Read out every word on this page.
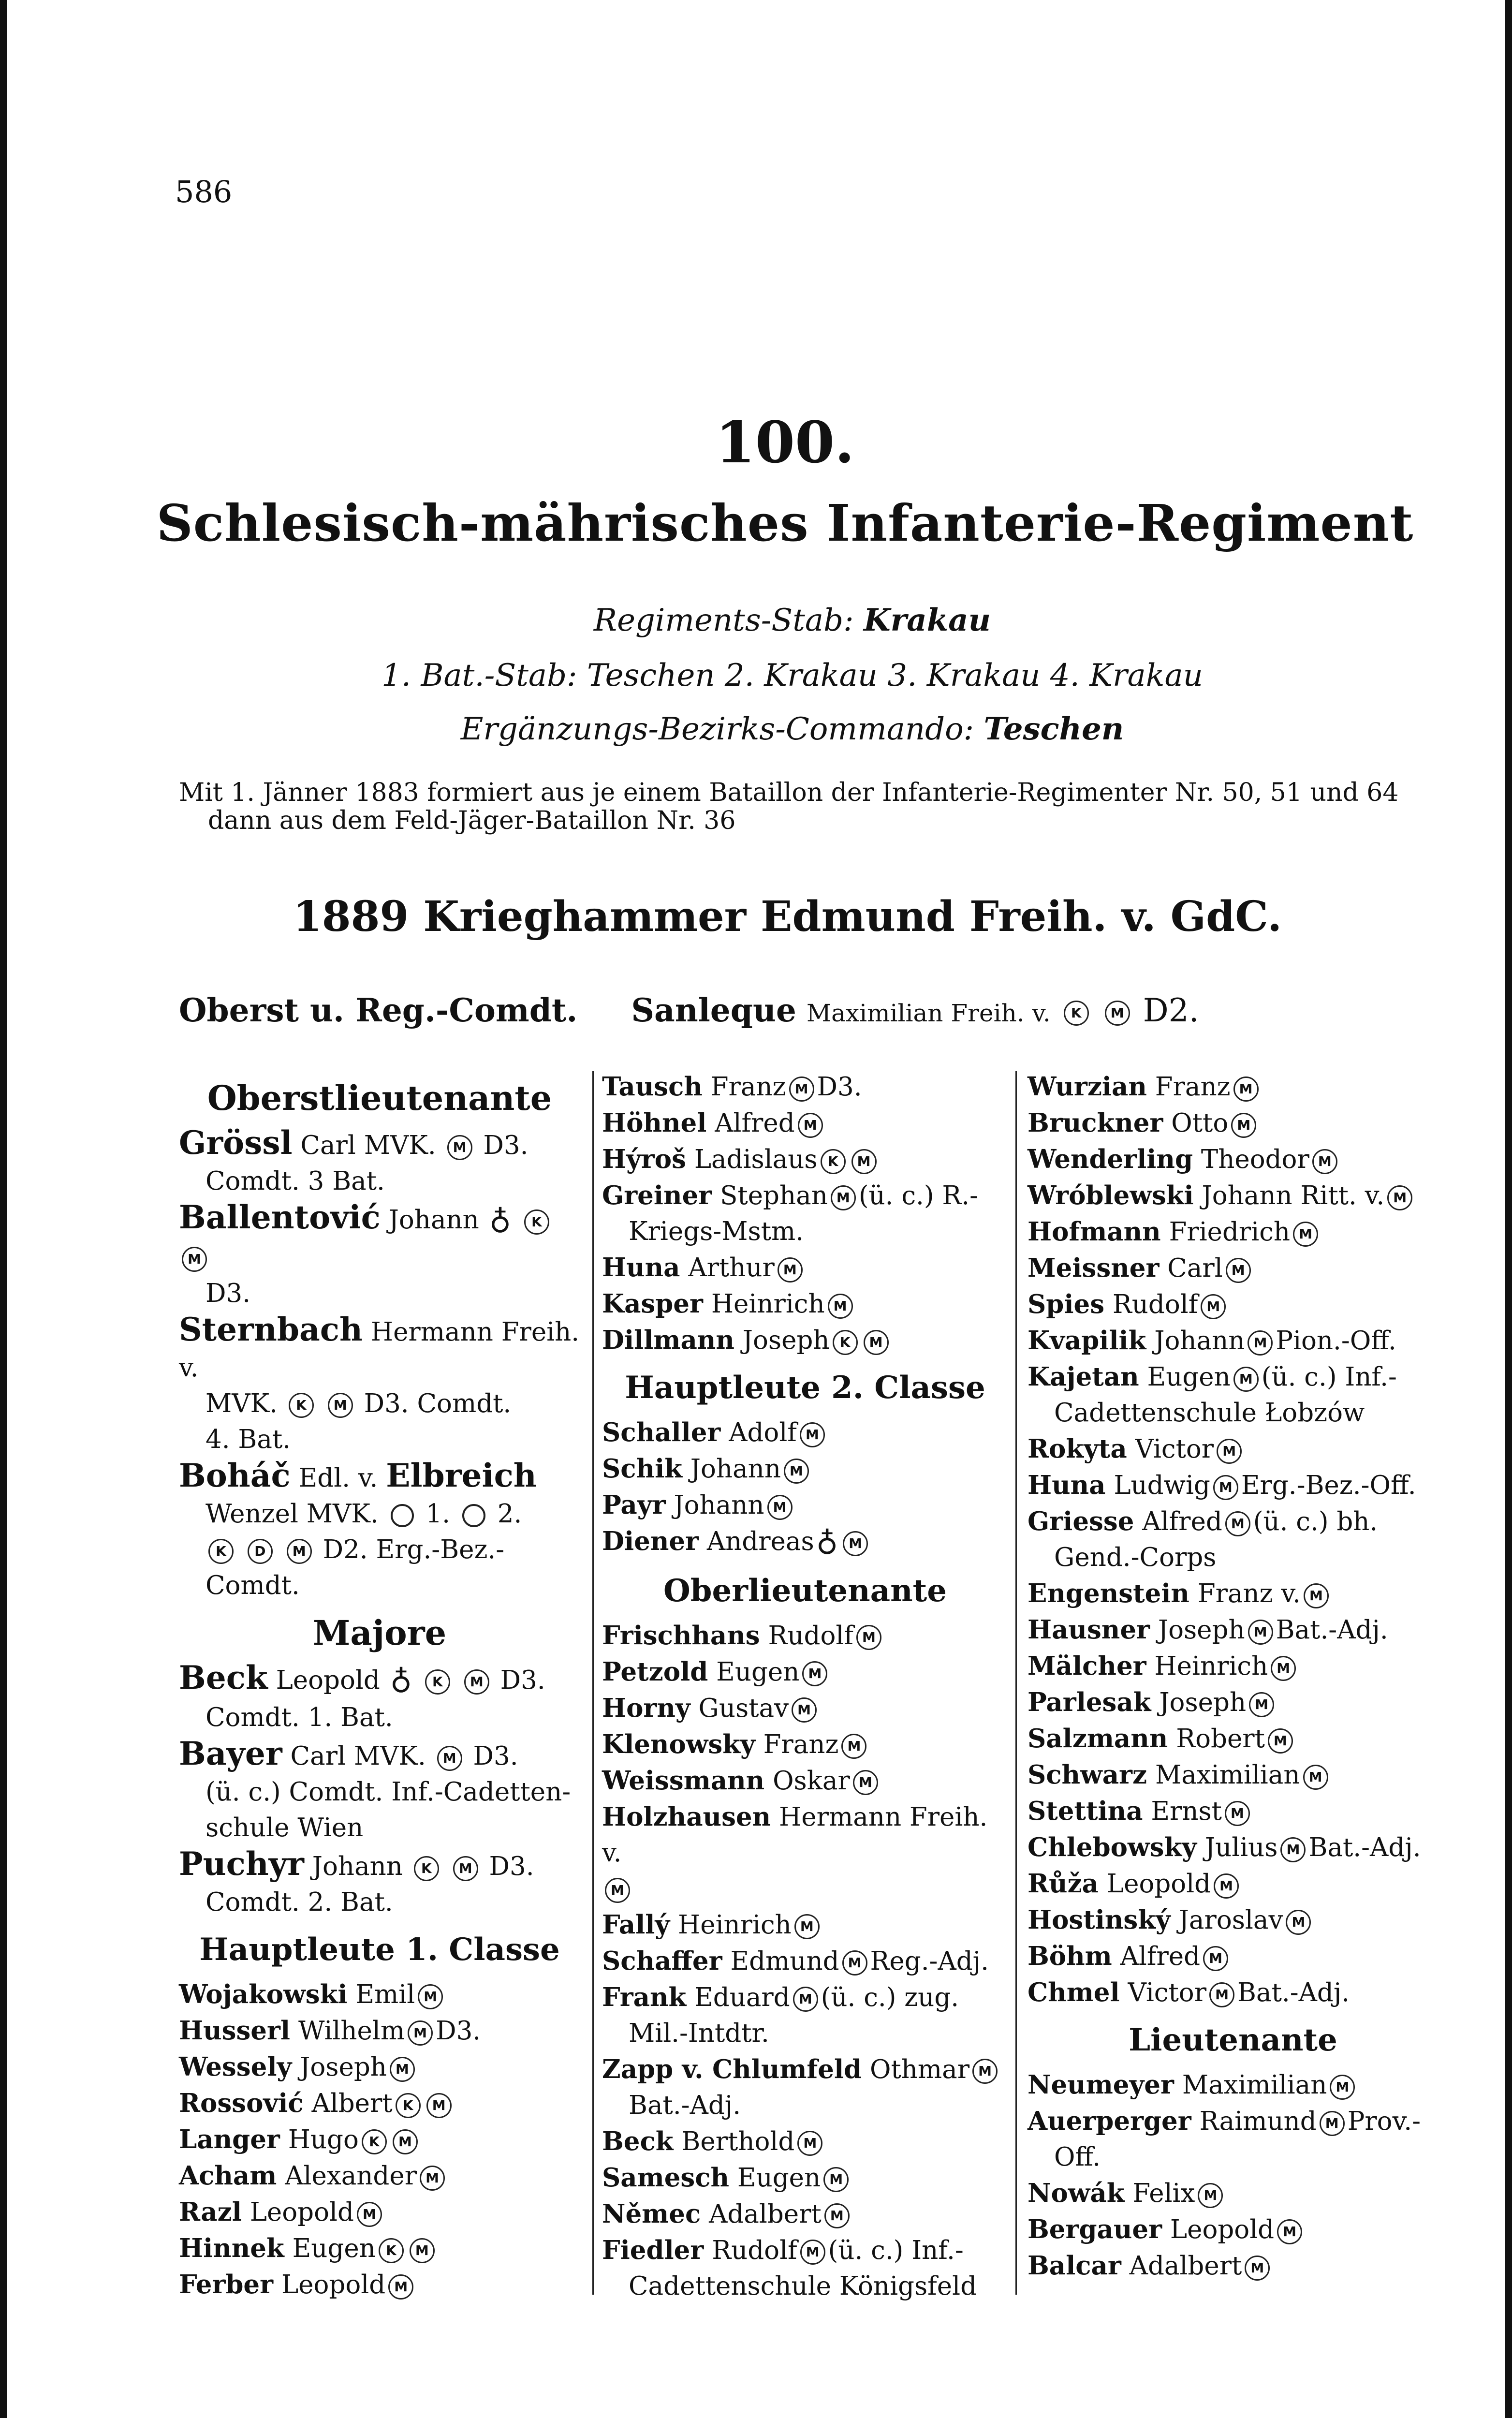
586
100.
Schlesisch-mährisches Infanterie-Regiment
Regiments-Stab: Krakau
1. Bat.-Stab: Teschen 2. Krakau 3. Krakau 4. Krakau
Ergänzungs-Bezirks-Commando: Teschen
Mit 1. Jänner 1883 formiert aus je einem Bataillon der Infanterie-Regimenter Nr. 50, 51 und 64
dann aus dem Feld-Jäger-Bataillon Nr. 36
1889 Krieghammer Edmund Freih. v. GdC.
Oberst u. Reg.-Comdt. Sanleque Maximilian Freih. v. K M D2.
Oberstlieutenante
Grössl Carl MVK. M D3.
Comdt. 3 Bat.
Ballentović Johann ♁ K M
D3.
Sternbach Hermann Freih. v.
MVK. K M D3. Comdt.
4. Bat.
Boháč Edl. v. Elbreich
Wenzel MVK. 1. 2.
K D M D2. Erg.-Bez.-
Comdt.
Majore
Beck Leopold ♁ K M D3.
Comdt. 1. Bat.
Bayer Carl MVK. M D3.
(ü. c.) Comdt. Inf.-Cadetten-
schule Wien
Puchyr Johann K M D3.
Comdt. 2. Bat.
Hauptleute 1. Classe
Wojakowski Emil M
Husserl Wilhelm M D3.
Wessely Joseph M
Rossović Albert K M
Langer Hugo K M
Acham Alexander M
Razl Leopold M
Hinnek Eugen K M
Ferber Leopold M
Tausch Franz M D3.
Höhnel Alfred M
Hýroš Ladislaus K M
Greiner Stephan M (ü. c.) R.-
Kriegs-Mstm.
Huna Arthur M
Kasper Heinrich M
Dillmann Joseph K M
Hauptleute 2. Classe
Schaller Adolf M
Schik Johann M
Payr Johann M
Diener Andreas♁ M
Oberlieutenante
Frischhans Rudolf M
Petzold Eugen M
Horny Gustav M
Klenowsky Franz M
Weissmann Oskar M
Holzhausen Hermann Freih. v.
M
Fallý Heinrich M
Schaffer Edmund M Reg.-Adj.
Frank Eduard M (ü. c.) zug.
Mil.-Intdtr.
Zapp v. Chlumfeld Othmar M
Bat.-Adj.
Beck Berthold M
Samesch Eugen M
Němec Adalbert M
Fiedler Rudolf M (ü. c.) Inf.-
Cadettenschule Königsfeld
Wurzian Franz M
Bruckner Otto M
Wenderling Theodor M
Wróblewski Johann Ritt. v. M
Hofmann Friedrich M
Meissner Carl M
Spies Rudolf M
Kvapilik Johann M Pion.-Off.
Kajetan Eugen M (ü. c.) Inf.-
Cadettenschule Łobzów
Rokyta Victor M
Huna Ludwig M Erg.-Bez.-Off.
Griesse Alfred M (ü. c.) bh.
Gend.-Corps
Engenstein Franz v. M
Hausner Joseph M Bat.-Adj.
Mälcher Heinrich M
Parlesak Joseph M
Salzmann Robert M
Schwarz Maximilian M
Stettina Ernst M
Chlebowsky Julius M Bat.-Adj.
Růža Leopold M
Hostinský Jaroslav M
Böhm Alfred M
Chmel Victor M Bat.-Adj.
Lieutenante
Neumeyer Maximilian M
Auerperger Raimund M Prov.-
Off.
Nowák Felix M
Bergauer Leopold M
Balcar Adalbert M
